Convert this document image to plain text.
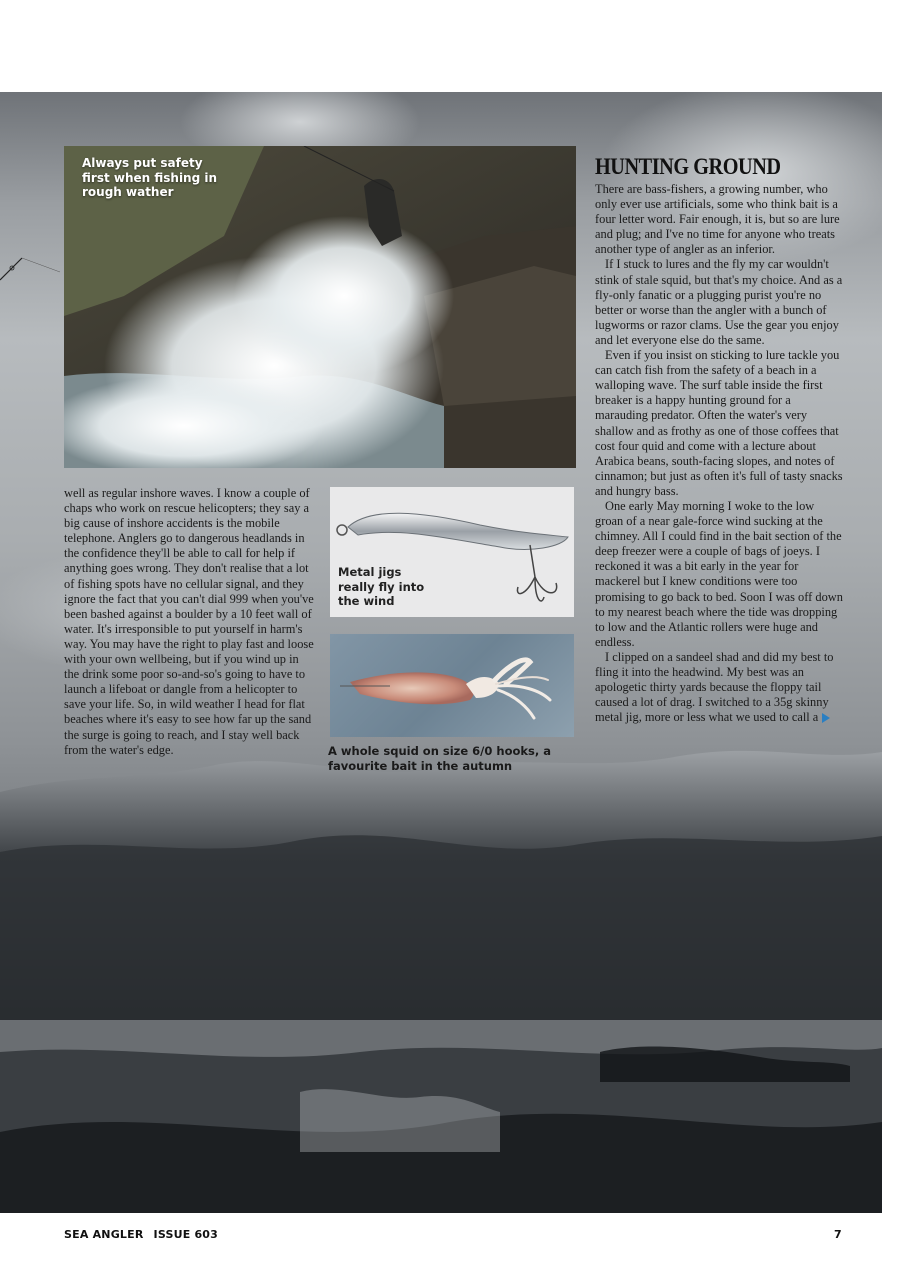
Always put safety first when fishing in rough wather
HUNTING GROUND

There are bass-fishers, a growing number, who only ever use artificials, some who think bait is a four letter word. Fair enough, it is, but so are lure and plug; and I've no time for anyone who treats another type of angler as an inferior.

If I stuck to lures and the fly my car wouldn't stink of stale squid, but that's my choice. And as a fly-only fanatic or a plugging purist you're no better or worse than the angler with a bunch of lugworms or razor clams. Use the gear you enjoy and let everyone else do the same.

Even if you insist on sticking to lure tackle you can catch fish from the safety of a beach in a walloping wave. The surf table inside the first breaker is a happy hunting ground for a marauding predator. Often the water's very shallow and as frothy as one of those coffees that cost four quid and come with a lecture about Arabica beans, south-facing slopes, and notes of cinnamon; but just as often it's full of tasty snacks and hungry bass.

One early May morning I woke to the low groan of a near gale-force wind sucking at the chimney. All I could find in the bait section of the deep freezer were a couple of bags of joeys. I reckoned it was a bit early in the year for mackerel but I knew conditions were too promising to go back to bed. Soon I was off down to my nearest beach where the tide was dropping to low and the Atlantic rollers were huge and endless.

I clipped on a sandeel shad and did my best to fling it into the headwind. My best was an apologetic thirty yards because the floppy tail caused a lot of drag. I switched to a 35g skinny metal jig, more or less what we used to call a

well as regular inshore waves. I know a couple of chaps who work on rescue helicopters; they say a big cause of inshore accidents is the mobile telephone. Anglers go to dangerous headlands in the confidence they'll be able to call for help if anything goes wrong. They don't realise that a lot of fishing spots have no cellular signal, and they ignore the fact that you can't dial 999 when you've been bashed against a boulder by a 10 feet wall of water. It's irresponsible to put yourself in harm's way. You may have the right to play fast and loose with your own wellbeing, but if you wind up in the drink some poor so-and-so's going to have to launch a lifeboat or dangle from a helicopter to save your life. So, in wild weather I head for flat beaches where it's easy to see how far up the sand the surge is going to reach, and I stay well back from the water's edge.

Metal jigs really fly into the wind
A whole squid on size 6/0 hooks, a favourite bait in the autumn
SEA ANGLER ISSUE 603	7
